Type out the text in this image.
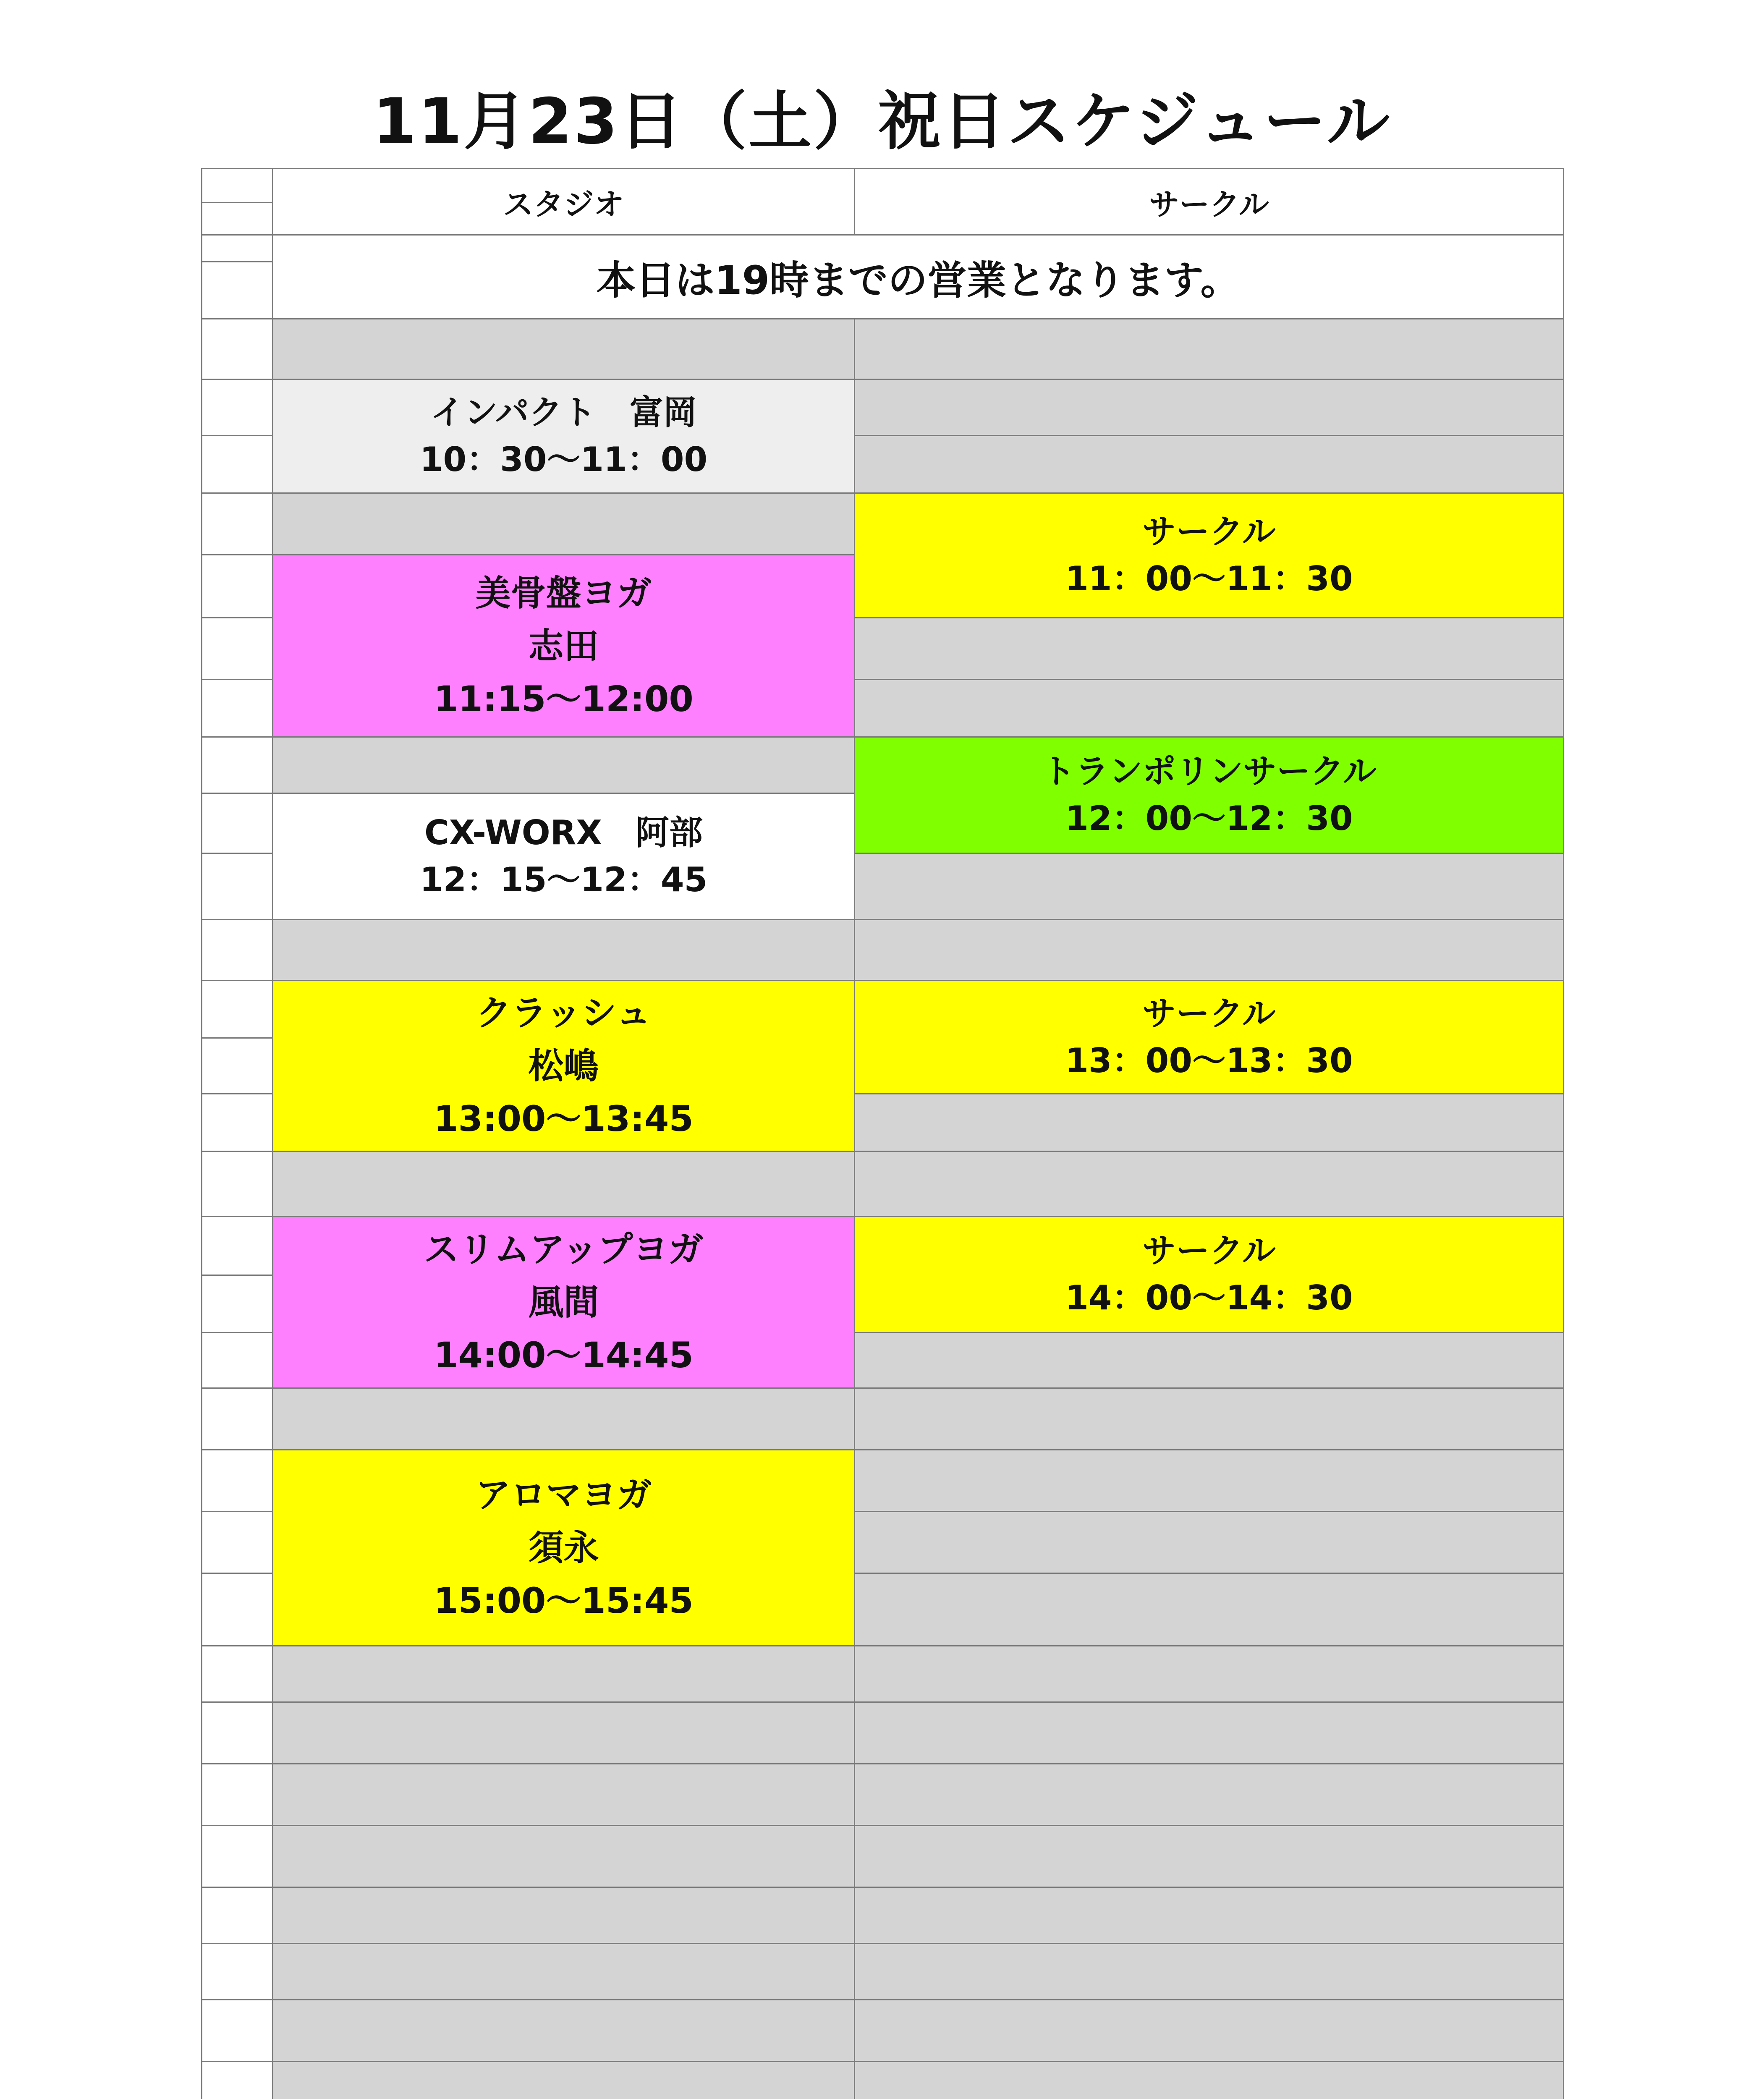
11月23日（土）祝日スケジュール
スタジオ	サークル
本日は19時までの営業となります。
インパクト　富岡
10：30〜11：00
美骨盤ヨガ
志田
11:15〜12:00
CX-WORX　阿部
12：15〜12：45
クラッシュ
松嶋
13:00〜13:45
スリムアップヨガ
風間
14:00〜14:45
アロマヨガ
須永
15:00〜15:45
サークル
11：00〜11：30
トランポリンサークル
12：00〜12：30
サークル
13：00〜13：30
サークル
14：00〜14：30
